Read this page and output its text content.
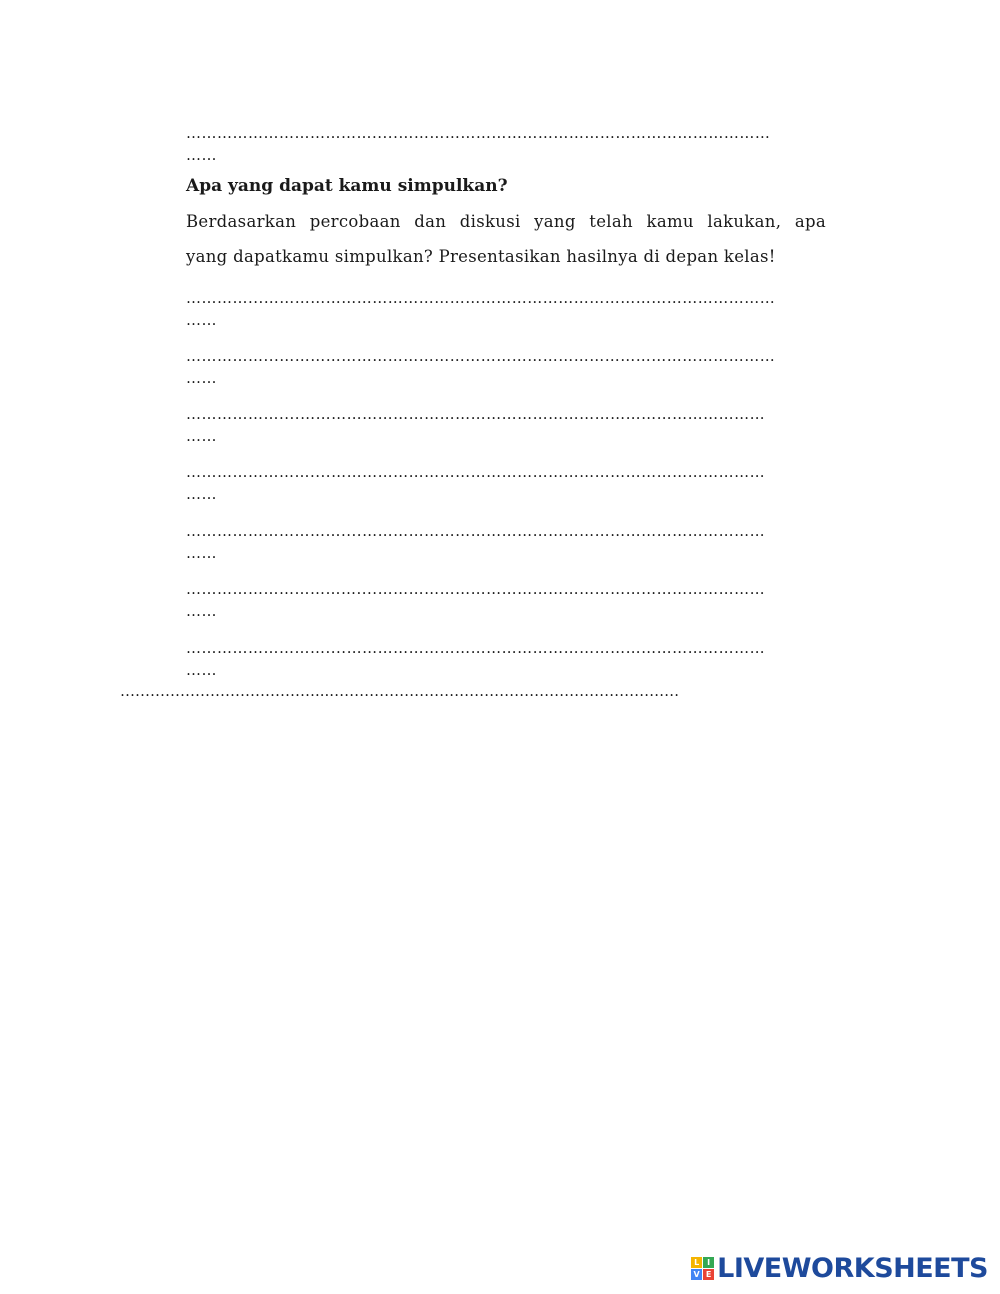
……………………………….....………………………………………………………………
……
Apa yang dapat kamu simpulkan?
Berdasarkan percobaan dan diskusi yang telah kamu lakukan, apa
yang dapatkamu simpulkan? Presentasikan hasilnya di depan kelas!
…………...………………………………………………………………………………………
……
……………...……………………………………………………………………………………
……
………………....………………………………………………………………………………
……
……………………....…………………………………………………………………………
……
…………………………....……………………………………………………………………
……
……………………………....…………………………………………………………………
……
………………………....………………………………………………………………………
……
…………………………………....……………………………………………………………
L I
V E LIVEWORKSHEETS
